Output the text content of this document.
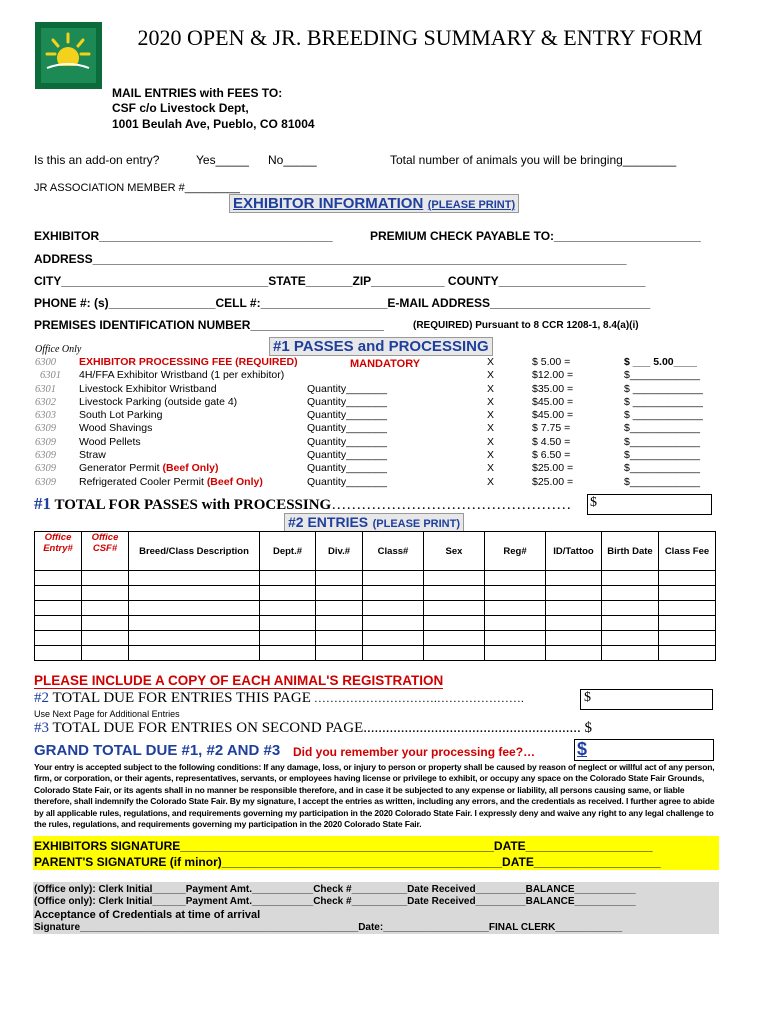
2020 OPEN & JR. BREEDING SUMMARY & ENTRY FORM
MAIL ENTRIES with FEES TO:
CSF c/o Livestock Dept,
1001 Beulah Ave, Pueblo, CO 81004
Is this an add-on entry?	Yes_____ No_____	Total number of animals you will be bringing________
JR ASSOCIATION MEMBER #_________
EXHIBITOR INFORMATION (PLEASE PRINT)
EXHIBITOR___________________________________	PREMIUM CHECK PAYABLE TO:______________________
ADDRESS________________________________________________________________________________
CITY_______________________________STATE_______ZIP___________ COUNTY______________________
PHONE #: (s)________________CELL #:___________________E-MAIL ADDRESS________________________
PREMISES IDENTIFICATION NUMBER____________________	(REQUIRED) Pursuant to 8 CCR 1208-1, 8.4(a)(i)
Office Only	#1 PASSES and PROCESSING
MANDATORY
6300 EXHIBITOR PROCESSING FEE (REQUIRED)	X	$ 5.00 =	$ ___ 5.00____
6301 4H/FFA Exhibitor Wristband (1 per exhibitor)	X	$12.00 =	$____________
6301 Livestock Exhibitor Wristband	Quantity_______	X	$35.00 =	$ ____________
6302 Livestock Parking (outside gate 4)	Quantity_______	X	$45.00 =	$ ____________
6303 South Lot Parking	Quantity_______	X	$45.00 =	$ ____________
6309 Wood Shavings	Quantity_______	X	$ 7.75 =	$____________
6309 Wood Pellets	Quantity_______	X	$ 4.50 =	$____________
6309 Straw	Quantity_______	X	$ 6.50 =	$____________
6309 Generator Permit (Beef Only)	Quantity_______	X	$25.00 =	$____________
6309 Refrigerated Cooler Permit (Beef Only)	Quantity_______	X	$25.00 =	$____________
#1 TOTAL FOR PASSES with PROCESSING………………………………………… $
#2 ENTRIES (PLEASE PRINT)
Office Entry#	Office CSF#	Breed/Class Description	Dept.#	Div.#	Class#	Sex	Reg#	ID/Tattoo	Birth Date	Class Fee

PLEASE INCLUDE A COPY OF EACH ANIMAL'S REGISTRATION
#2 TOTAL DUE FOR ENTRIES THIS PAGE ………………………….………………….	$
Use Next Page for Additional Entries
#3 TOTAL DUE FOR ENTRIES ON SECOND PAGE.......................................................... $
GRAND TOTAL DUE #1, #2 AND #3 Did you remember your processing fee?… $
Your entry is accepted subject to the following conditions: If any damage, loss, or injury to person or property shall be caused by reason of neglect or willful act of any person, firm, or corporation, or their agents, representatives, servants, or employees having license or privilege to exhibit, or occupy any space on the Colorado State Fair Grounds, Colorado State Fair, or its agents shall in no manner be responsible therefore, and in case it be subjected to any expense or liability, all persons causing same, or liable therefore, shall indemnify the Colorado State Fair. By my signature, I accept the entries as written, including any errors, and the credentials as received. I further agree to abide by all applicable rules, regulations, and requirements governing my participation in the 2020 Colorado State Fair. I expressly deny and waive any right to any legal challenge to the rules, regulations, and requirements governing my participation in the 2020 Colorado State Fair.
EXHIBITORS SIGNATURE_______________________________________________DATE___________________
PARENT'S SIGNATURE (if minor)__________________________________________DATE___________________
(Office only): Clerk Initial______Payment Amt.___________Check #__________Date Received_________BALANCE___________
(Office only): Clerk Initial______Payment Amt.___________Check #__________Date Received_________BALANCE___________
Acceptance of Credentials at time of arrival
Signature__________________________________________________Date:___________________FINAL CLERK____________
